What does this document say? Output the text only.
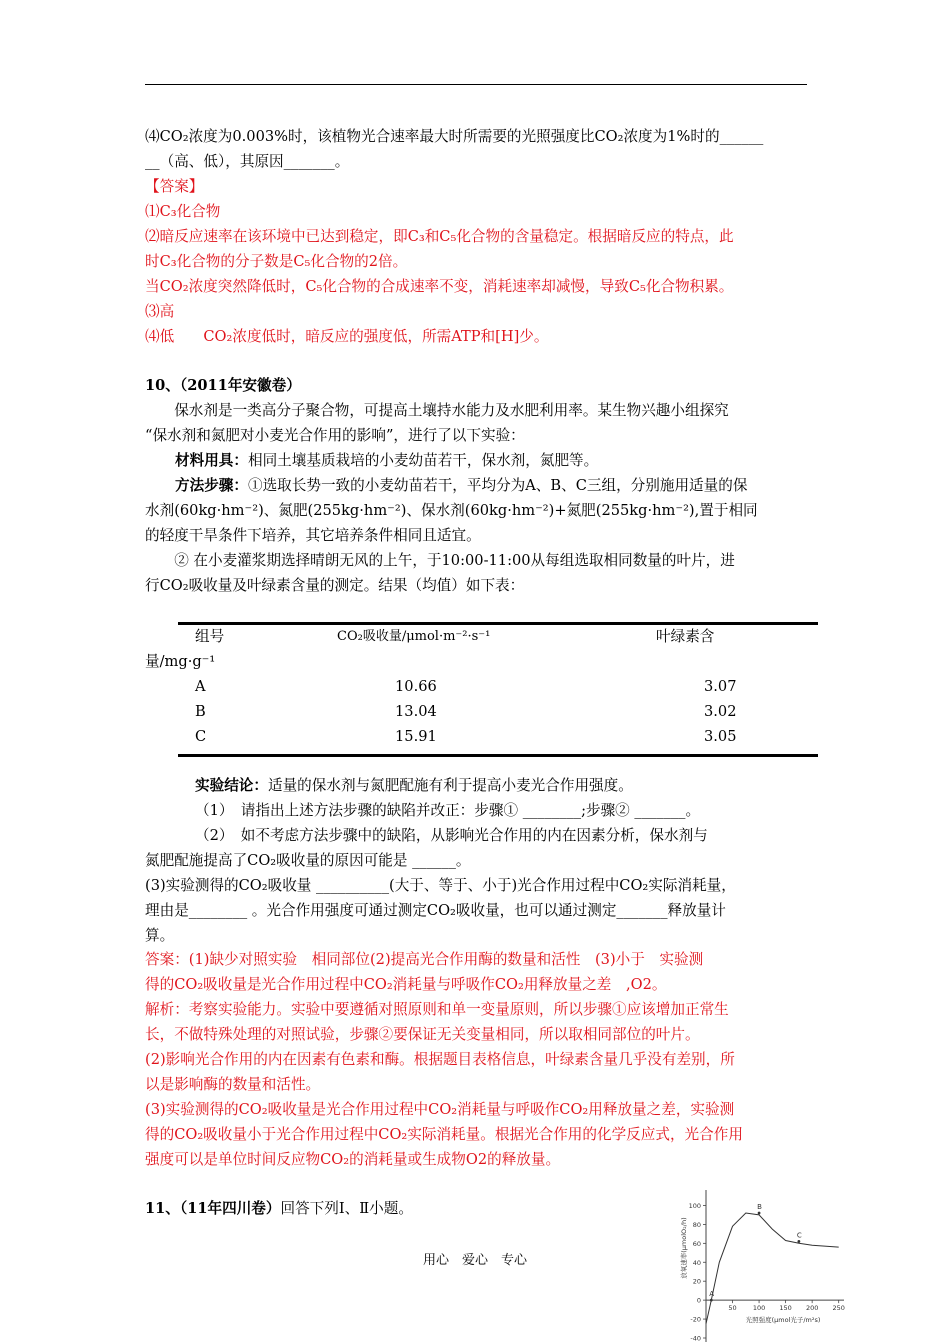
⑷CO₂浓度为0.003%时，该植物光合速率最大时所需要的光照强度比CO₂浓度为1%时的______
__（高、低），其原因_______。
【答案】
⑴C₃化合物
⑵暗反应速率在该环境中已达到稳定，即C₃和C₅化合物的含量稳定。根据暗反应的特点，此
时C₃化合物的分子数是C₅化合物的2倍。
当CO₂浓度突然降低时，C₅化合物的合成速率不变，消耗速率却减慢，导致C₅化合物积累。
⑶高
⑷低　　CO₂浓度低时，暗反应的强度低，所需ATP和[H]少。
10、（2011年安徽卷）
　　保水剂是一类高分子聚合物，可提高土壤持水能力及水肥利用率。某生物兴趣小组探究
“保水剂和氮肥对小麦光合作用的影响”，进行了以下实验：
材料用具：相同土壤基质栽培的小麦幼苗若干，保水剂，氮肥等。
方法步骤：①选取长势一致的小麦幼苗若干，平均分为A、B、C三组，分别施用适量的保
水剂(60kg·hm⁻²)、氮肥(255kg·hm⁻²)、保水剂(60kg·hm⁻²)+氮肥(255kg·hm⁻²),置于相同
的轻度干旱条件下培养，其它培养条件相同且适宜。
　　② 在小麦灌浆期选择晴朗无风的上午，于10:00-11:00从每组选取相同数量的叶片，进
行CO₂吸收量及叶绿素含量的测定。结果（均值）如下表：
组号	CO₂吸收量/μmol·m⁻²·s⁻¹	叶绿素含
量/mg·g⁻¹
A	10.66	3.07
B	13.04	3.02
C	15.91	3.05
实验结论：适量的保水剂与氮肥配施有利于提高小麦光合作用强度。
（1）　请指出上述方法步骤的缺陷并改正：步骤① ________;步骤② _______。
（2）　如不考虑方法步骤中的缺陷，从影响光合作用的内在因素分析，保水剂与
氮肥配施提高了CO₂吸收量的原因可能是 ______。
(3)实验测得的CO₂吸收量 __________(大于、等于、小于)光合作用过程中CO₂实际消耗量，
理由是________ 。光合作用强度可通过测定CO₂吸收量，也可以通过测定_______释放量计
算。
答案：(1)缺少对照实验　相同部位(2)提高光合作用酶的数量和活性　(3)小于　实验测
得的CO₂吸收量是光合作用过程中CO₂消耗量与呼吸作CO₂用释放量之差　,O2。
解析：考察实验能力。实验中要遵循对照原则和单一变量原则，所以步骤①应该增加正常生
长，不做特殊处理的对照试验，步骤②要保证无关变量相同，所以取相同部位的叶片。
(2)影响光合作用的内在因素有色素和酶。根据题目表格信息，叶绿素含量几乎没有差别，所
以是影响酶的数量和活性。
(3)实验测得的CO₂吸收量是光合作用过程中CO₂消耗量与呼吸作CO₂用释放量之差，实验测
得的CO₂吸收量小于光合作用过程中CO₂实际消耗量。根据光合作用的化学反应式，光合作用
强度可以是单位时间反应物CO₂的消耗量或生成物O2的释放量。
11、（11年四川卷）回答下列Ⅰ、Ⅱ小题。
用心　爱心　专心
100
80
60
40
20
0
-20
-40
50 100 150 200 250
A
B
C
放氧速率(μmolO₂/h)
光照强度(μmol光子/m²s)
